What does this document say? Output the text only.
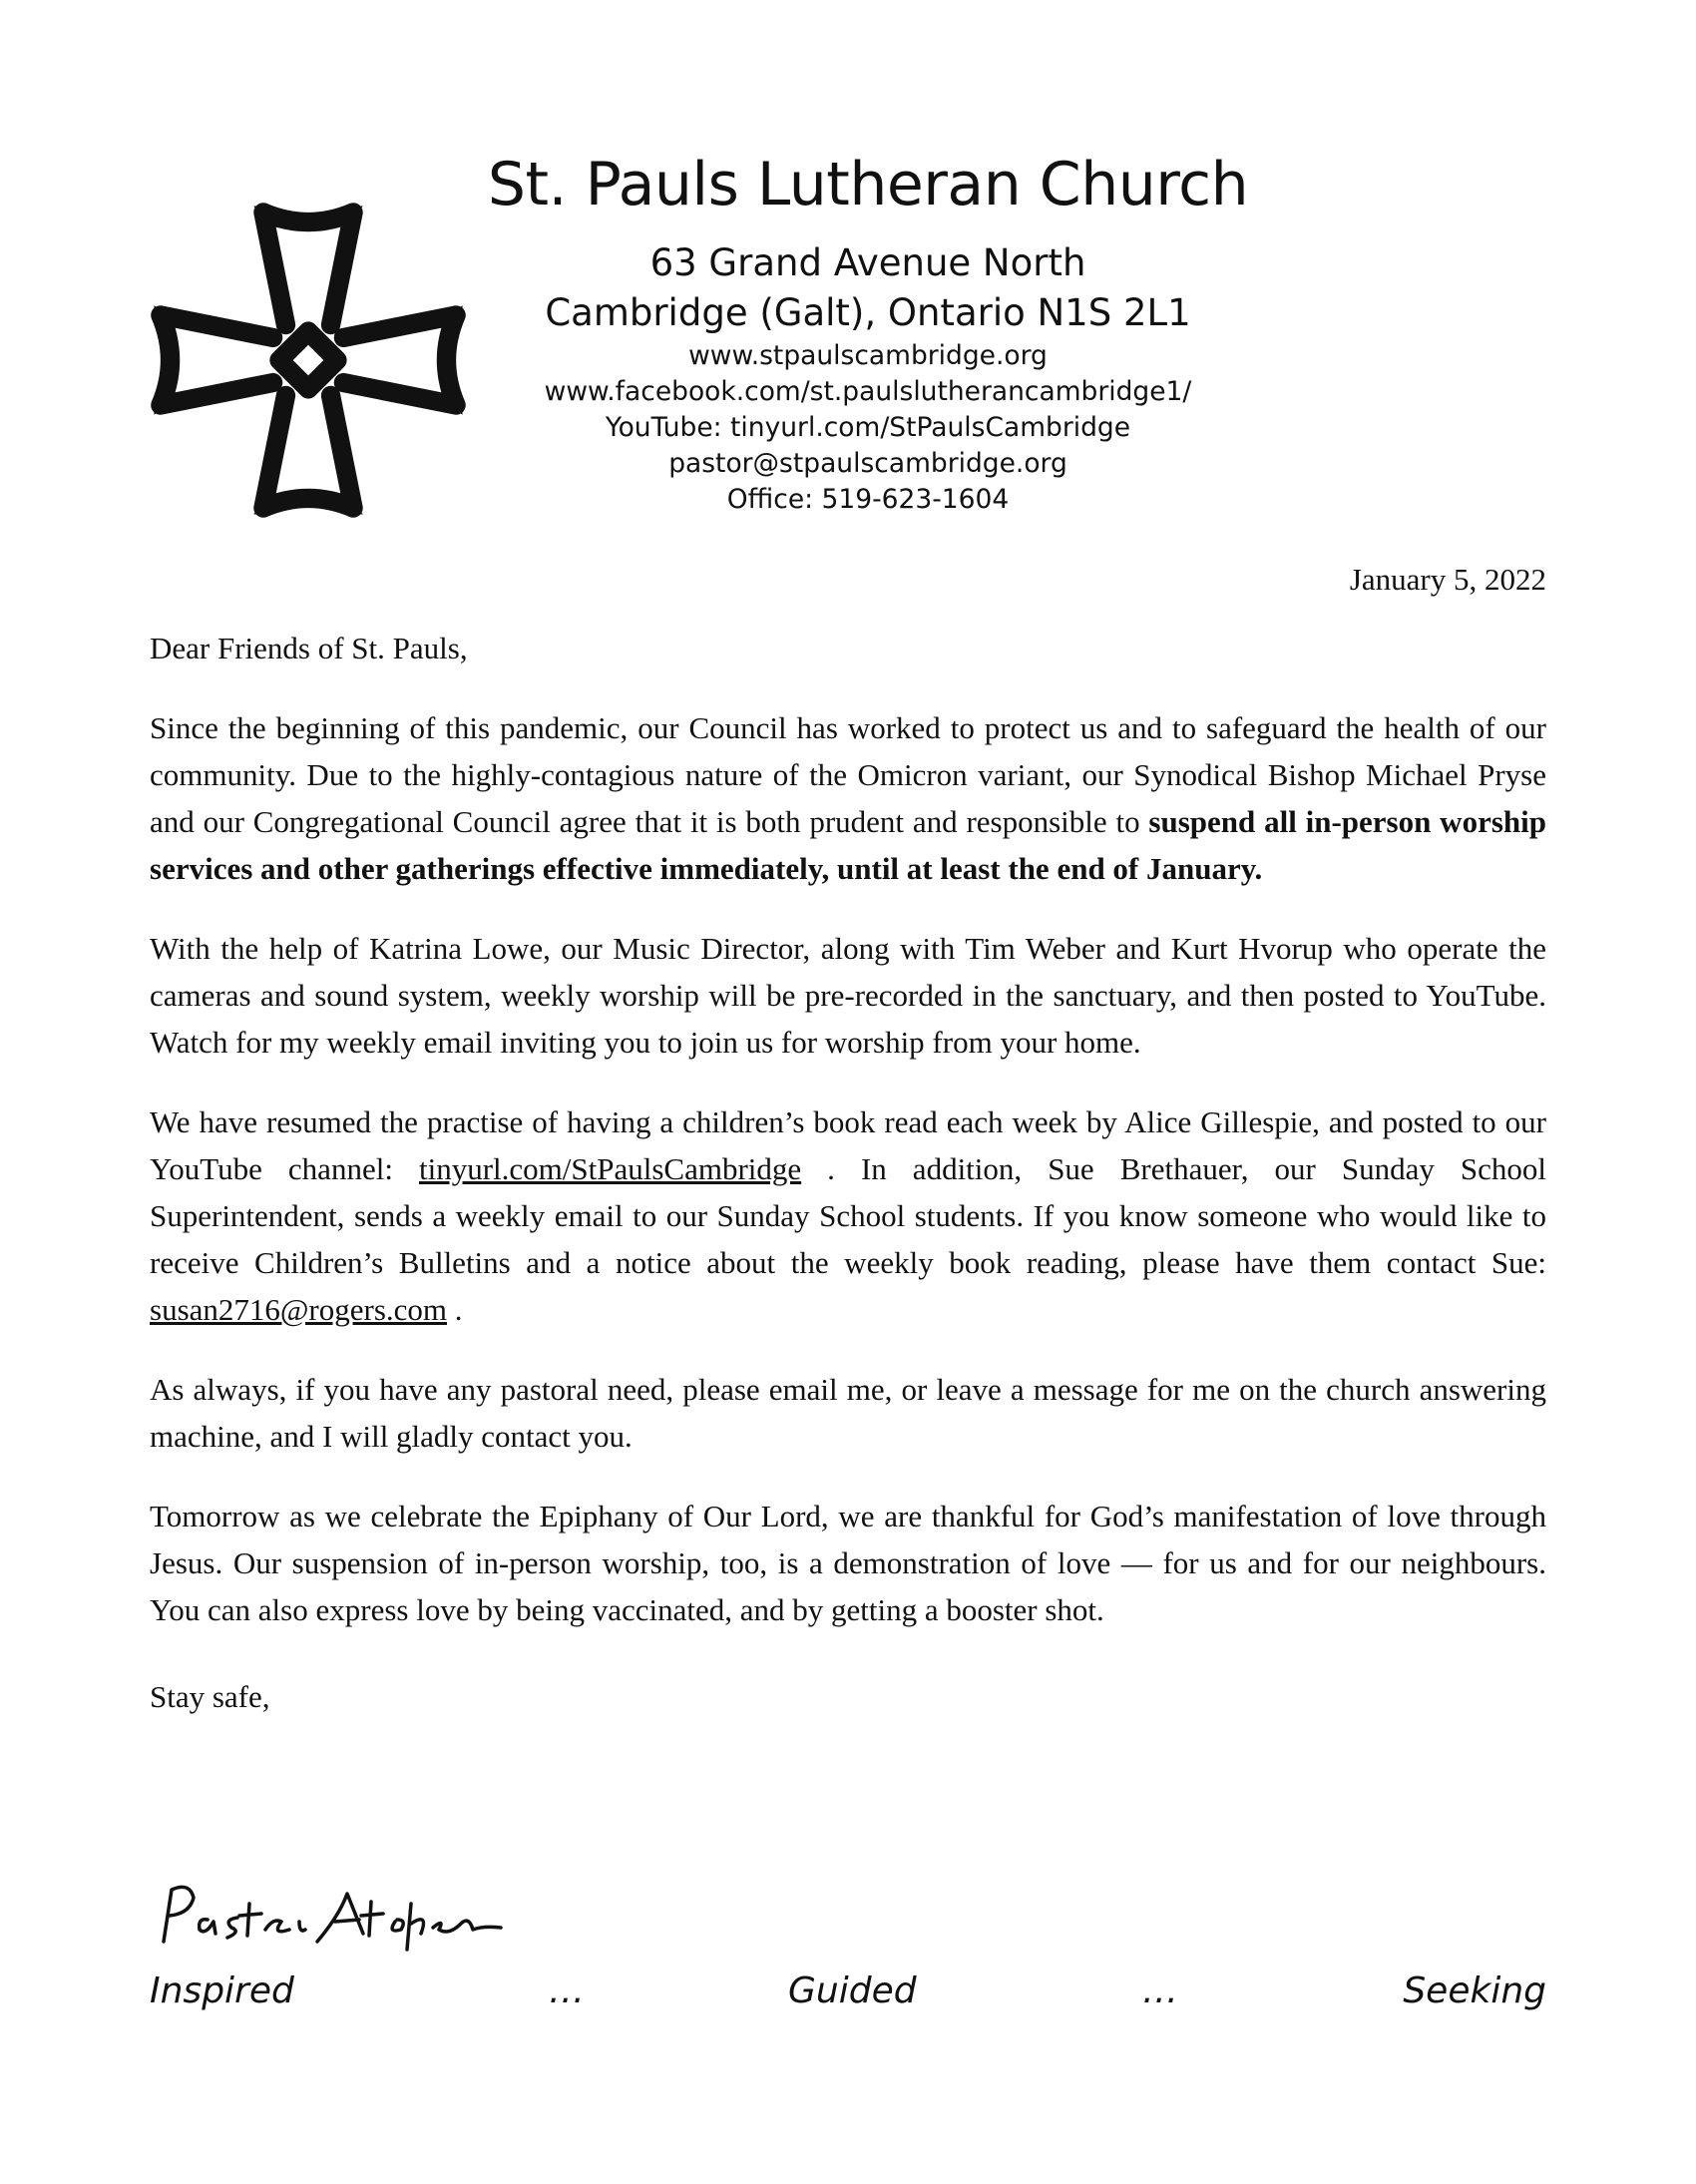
St. Pauls Lutheran Church
63 Grand Avenue North
Cambridge (Galt), Ontario N1S 2L1
www.stpaulscambridge.org
www.facebook.com/st.paulslutherancambridge1/
YouTube: tinyurl.com/StPaulsCambridge
pastor@stpaulscambridge.org
Office: 519-623-1604
January 5, 2022
Dear Friends of St. Pauls,

Since the beginning of this pandemic, our Council has worked to protect us and to safeguard the health of our community. Due to the highly-contagious nature of the Omicron variant, our Synodical Bishop Michael Pryse and our Congregational Council agree that it is both prudent and responsible to suspend all in-person worship services and other gatherings effective immediately, until at least the end of January.

With the help of Katrina Lowe, our Music Director, along with Tim Weber and Kurt Hvorup who operate the cameras and sound system, weekly worship will be pre-recorded in the sanctuary, and then posted to YouTube. Watch for my weekly email inviting you to join us for worship from your home.

We have resumed the practise of having a children’s book read each week by Alice Gillespie, and posted to our YouTube channel: tinyurl.com/StPaulsCambridge . In addition, Sue Brethauer, our Sunday School Superintendent, sends a weekly email to our Sunday School students. If you know someone who would like to receive Children’s Bulletins and a notice about the weekly book reading, please have them contact Sue: susan2716@rogers.com .

As always, if you have any pastoral need, please email me, or leave a message for me on the church answering machine, and I will gladly contact you.

Tomorrow as we celebrate the Epiphany of Our Lord, we are thankful for God’s manifestation of love through Jesus. Our suspension of in-person worship, too, is a demonstration of love — for us and for our neighbours. You can also express love by being vaccinated, and by getting a booster shot.

Stay safe,
Inspired	…	Guided	…	Seeking
